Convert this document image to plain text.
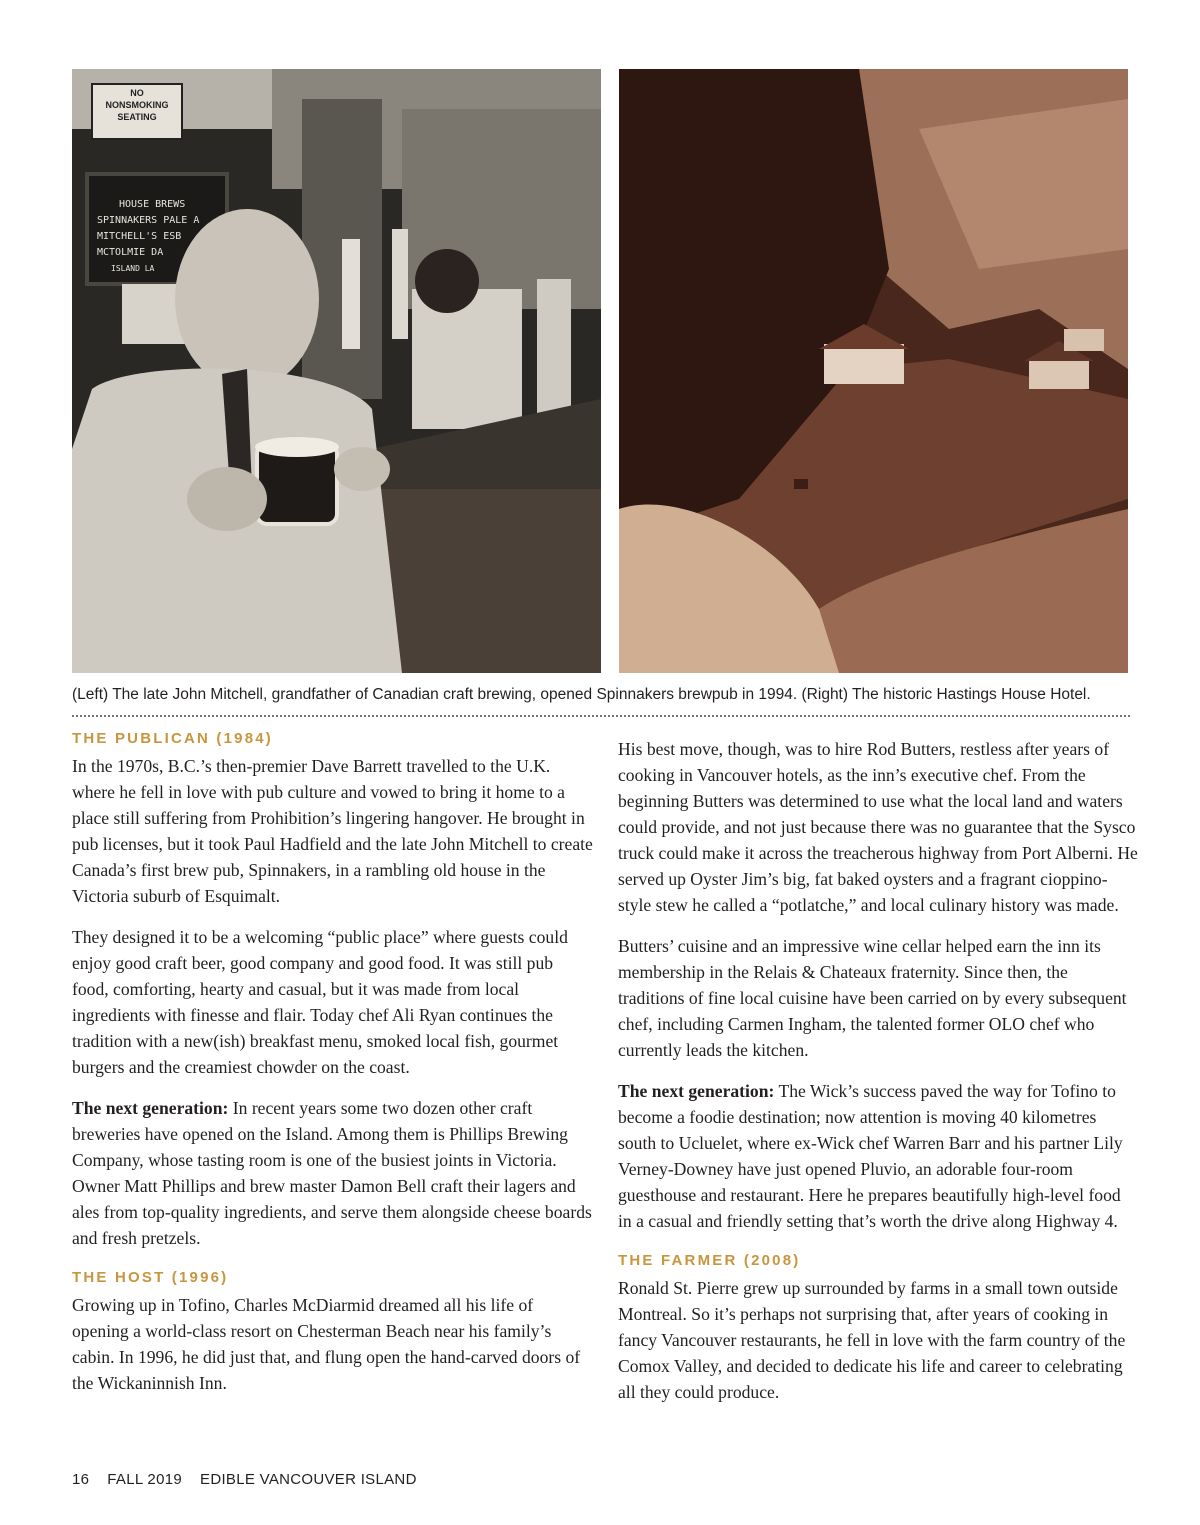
NO
NONSMOKING
SEATING
HOUSE BREWS
SPINNAKERS PALE A
MITCHELL'S ESB
MCTOLMIE DA
ISLAND LA
(Left) The late John Mitchell, grandfather of Canadian craft brewing, opened Spinnakers brewpub in 1994. (Right) The historic Hastings House Hotel.
THE PUBLICAN (1984)

In the 1970s, B.C.’s then-premier Dave Barrett travelled to the U.K. where he fell in love with pub culture and vowed to bring it home to a place still suffering from Prohibition’s lingering hangover. He brought in pub licenses, but it took Paul Hadfield and the late John Mitchell to create Canada’s first brew pub, Spinnakers, in a rambling old house in the Victoria suburb of Esquimalt.

They designed it to be a welcoming “public place” where guests could enjoy good craft beer, good company and good food. It was still pub food, comforting, hearty and casual, but it was made from local ingredients with finesse and flair. Today chef Ali Ryan continues the tradition with a new(ish) breakfast menu, smoked local fish, gourmet burgers and the creamiest chowder on the coast.

The next generation: In recent years some two dozen other craft breweries have opened on the Island. Among them is Phillips Brewing Company, whose tasting room is one of the busiest joints in Victoria. Owner Matt Phillips and brew master Damon Bell craft their lagers and ales from top-quality ingredients, and serve them alongside cheese boards and fresh pretzels.

THE HOST (1996)

Growing up in Tofino, Charles McDiarmid dreamed all his life of opening a world-class resort on Chesterman Beach near his family’s cabin. In 1996, he did just that, and flung open the hand-carved doors of the Wickaninnish Inn.

His best move, though, was to hire Rod Butters, restless after years of cooking in Vancouver hotels, as the inn’s executive chef. From the beginning Butters was determined to use what the local land and waters could provide, and not just because there was no guarantee that the Sysco truck could make it across the treacherous highway from Port Alberni. He served up Oyster Jim’s big, fat baked oysters and a fragrant cioppino-style stew he called a “potlatche,” and local culinary history was made.

Butters’ cuisine and an impressive wine cellar helped earn the inn its membership in the Relais & Chateaux fraternity. Since then, the traditions of fine local cuisine have been carried on by every subsequent chef, including Carmen Ingham, the talented former OLO chef who currently leads the kitchen.

The next generation: The Wick’s success paved the way for Tofino to become a foodie destination; now attention is moving 40 kilometres south to Ucluelet, where ex-Wick chef Warren Barr and his partner Lily Verney-Downey have just opened Pluvio, an adorable four-room guesthouse and restaurant. Here he prepares beautifully high-level food in a casual and friendly setting that’s worth the drive along Highway 4.

THE FARMER (2008)

Ronald St. Pierre grew up surrounded by farms in a small town outside Montreal. So it’s perhaps not surprising that, after years of cooking in fancy Vancouver restaurants, he fell in love with the farm country of the Comox Valley, and decided to dedicate his life and career to celebrating all they could produce.

16 FALL 2019 EDIBLE VANCOUVER ISLAND
